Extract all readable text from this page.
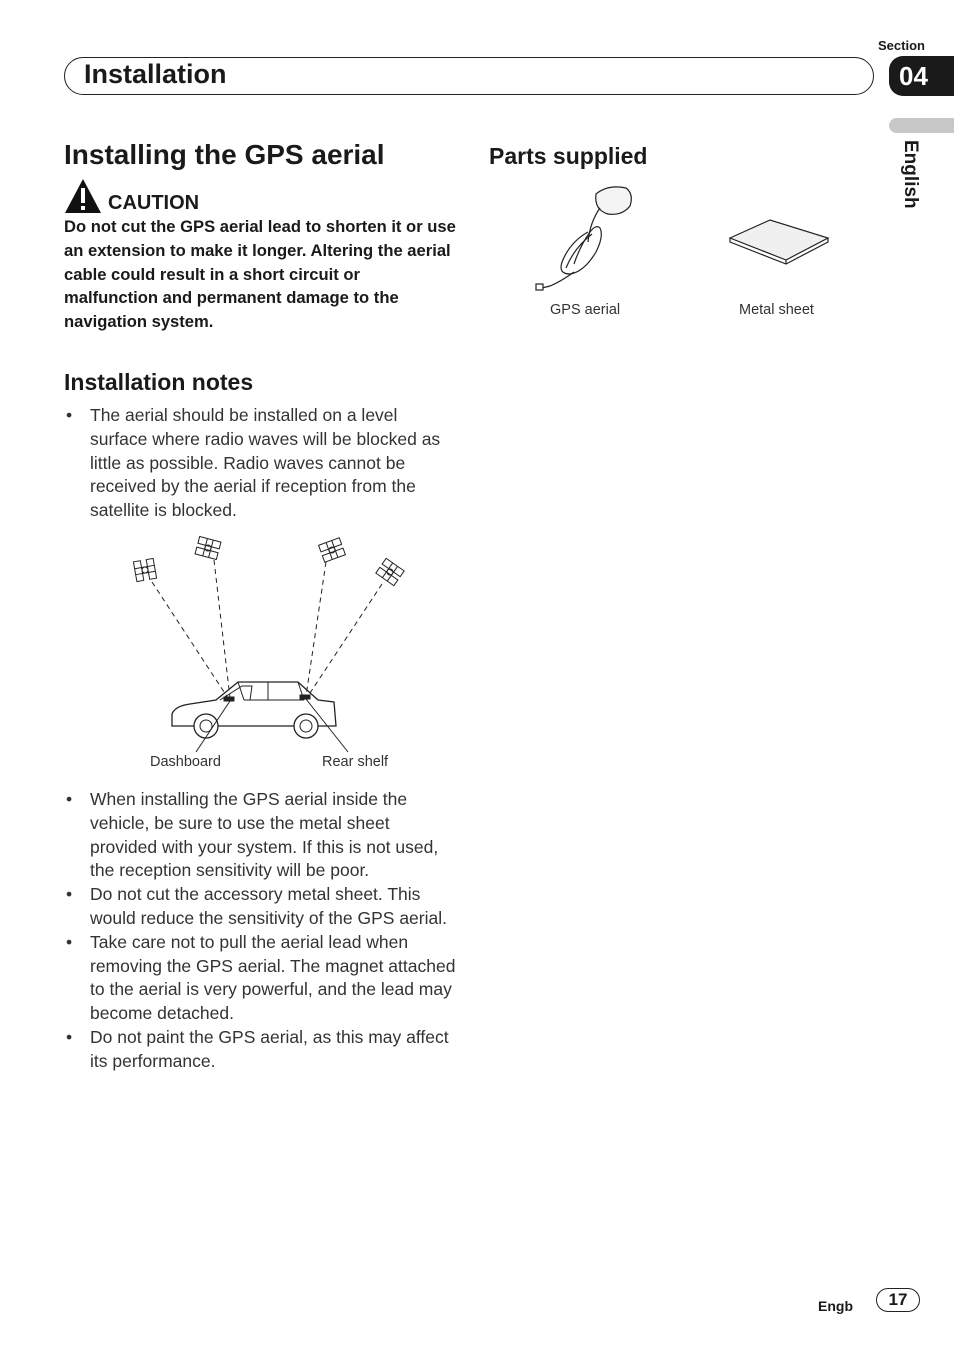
Section
Installation	04
English
Installing the GPS aerial
CAUTION
Do not cut the GPS aerial lead to shorten it or use an extension to make it longer. Altering the aerial cable could result in a short circuit or malfunction and permanent damage to the navigation system.
Installation notes
• The aerial should be installed on a level surface where radio waves will be blocked as little as possible. Radio waves cannot be received by the aerial if reception from the satellite is blocked.
Dashboard	Rear shelf
• When installing the GPS aerial inside the vehicle, be sure to use the metal sheet provided with your system. If this is not used, the reception sensitivity will be poor.
• Do not cut the accessory metal sheet. This would reduce the sensitivity of the GPS aerial.
• Take care not to pull the aerial lead when removing the GPS aerial. The magnet attached to the aerial is very powerful, and the lead may become detached.
• Do not paint the GPS aerial, as this may affect its performance.
Parts supplied
GPS aerial	Metal sheet
Engb	17
